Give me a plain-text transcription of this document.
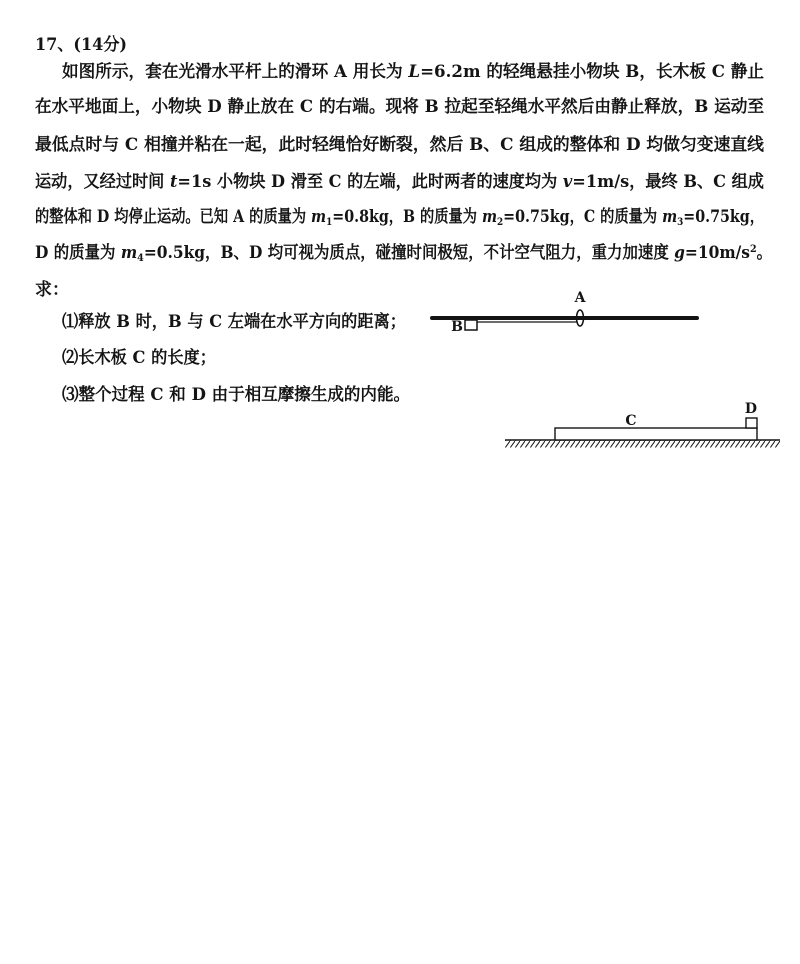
17、(14分)
如图所示，套在光滑水平杆上的滑环 A 用长为 L=6.2m 的轻绳悬挂小物块 B，长木板 C 静止
在水平地面上，小物块 D 静止放在 C 的右端。现将 B 拉起至轻绳水平然后由静止释放，B 运动至
最低点时与 C 相撞并粘在一起，此时轻绳恰好断裂，然后 B、C 组成的整体和 D 均做匀变速直线
运动，又经过时间 t=1s 小物块 D 滑至 C 的左端，此时两者的速度均为 v=1m/s，最终 B、C 组成
的整体和 D 均停止运动。已知 A 的质量为 $m_1=0.8kg$，B 的质量为 $m_2=0.75kg$，C 的质量为 $m_3=0.75kg$，
D 的质量为 $m_4=0.5kg$，B、D 均可视为质点，碰撞时间极短，不计空气阻力，重力加速度 $g=10m/s^2$。
求：
⑴释放 B 时，B 与 C 左端在水平方向的距离；
⑵长木板 C 的长度；
⑶整个过程 C 和 D 由于相互摩擦生成的内能。
A
B
C
D
